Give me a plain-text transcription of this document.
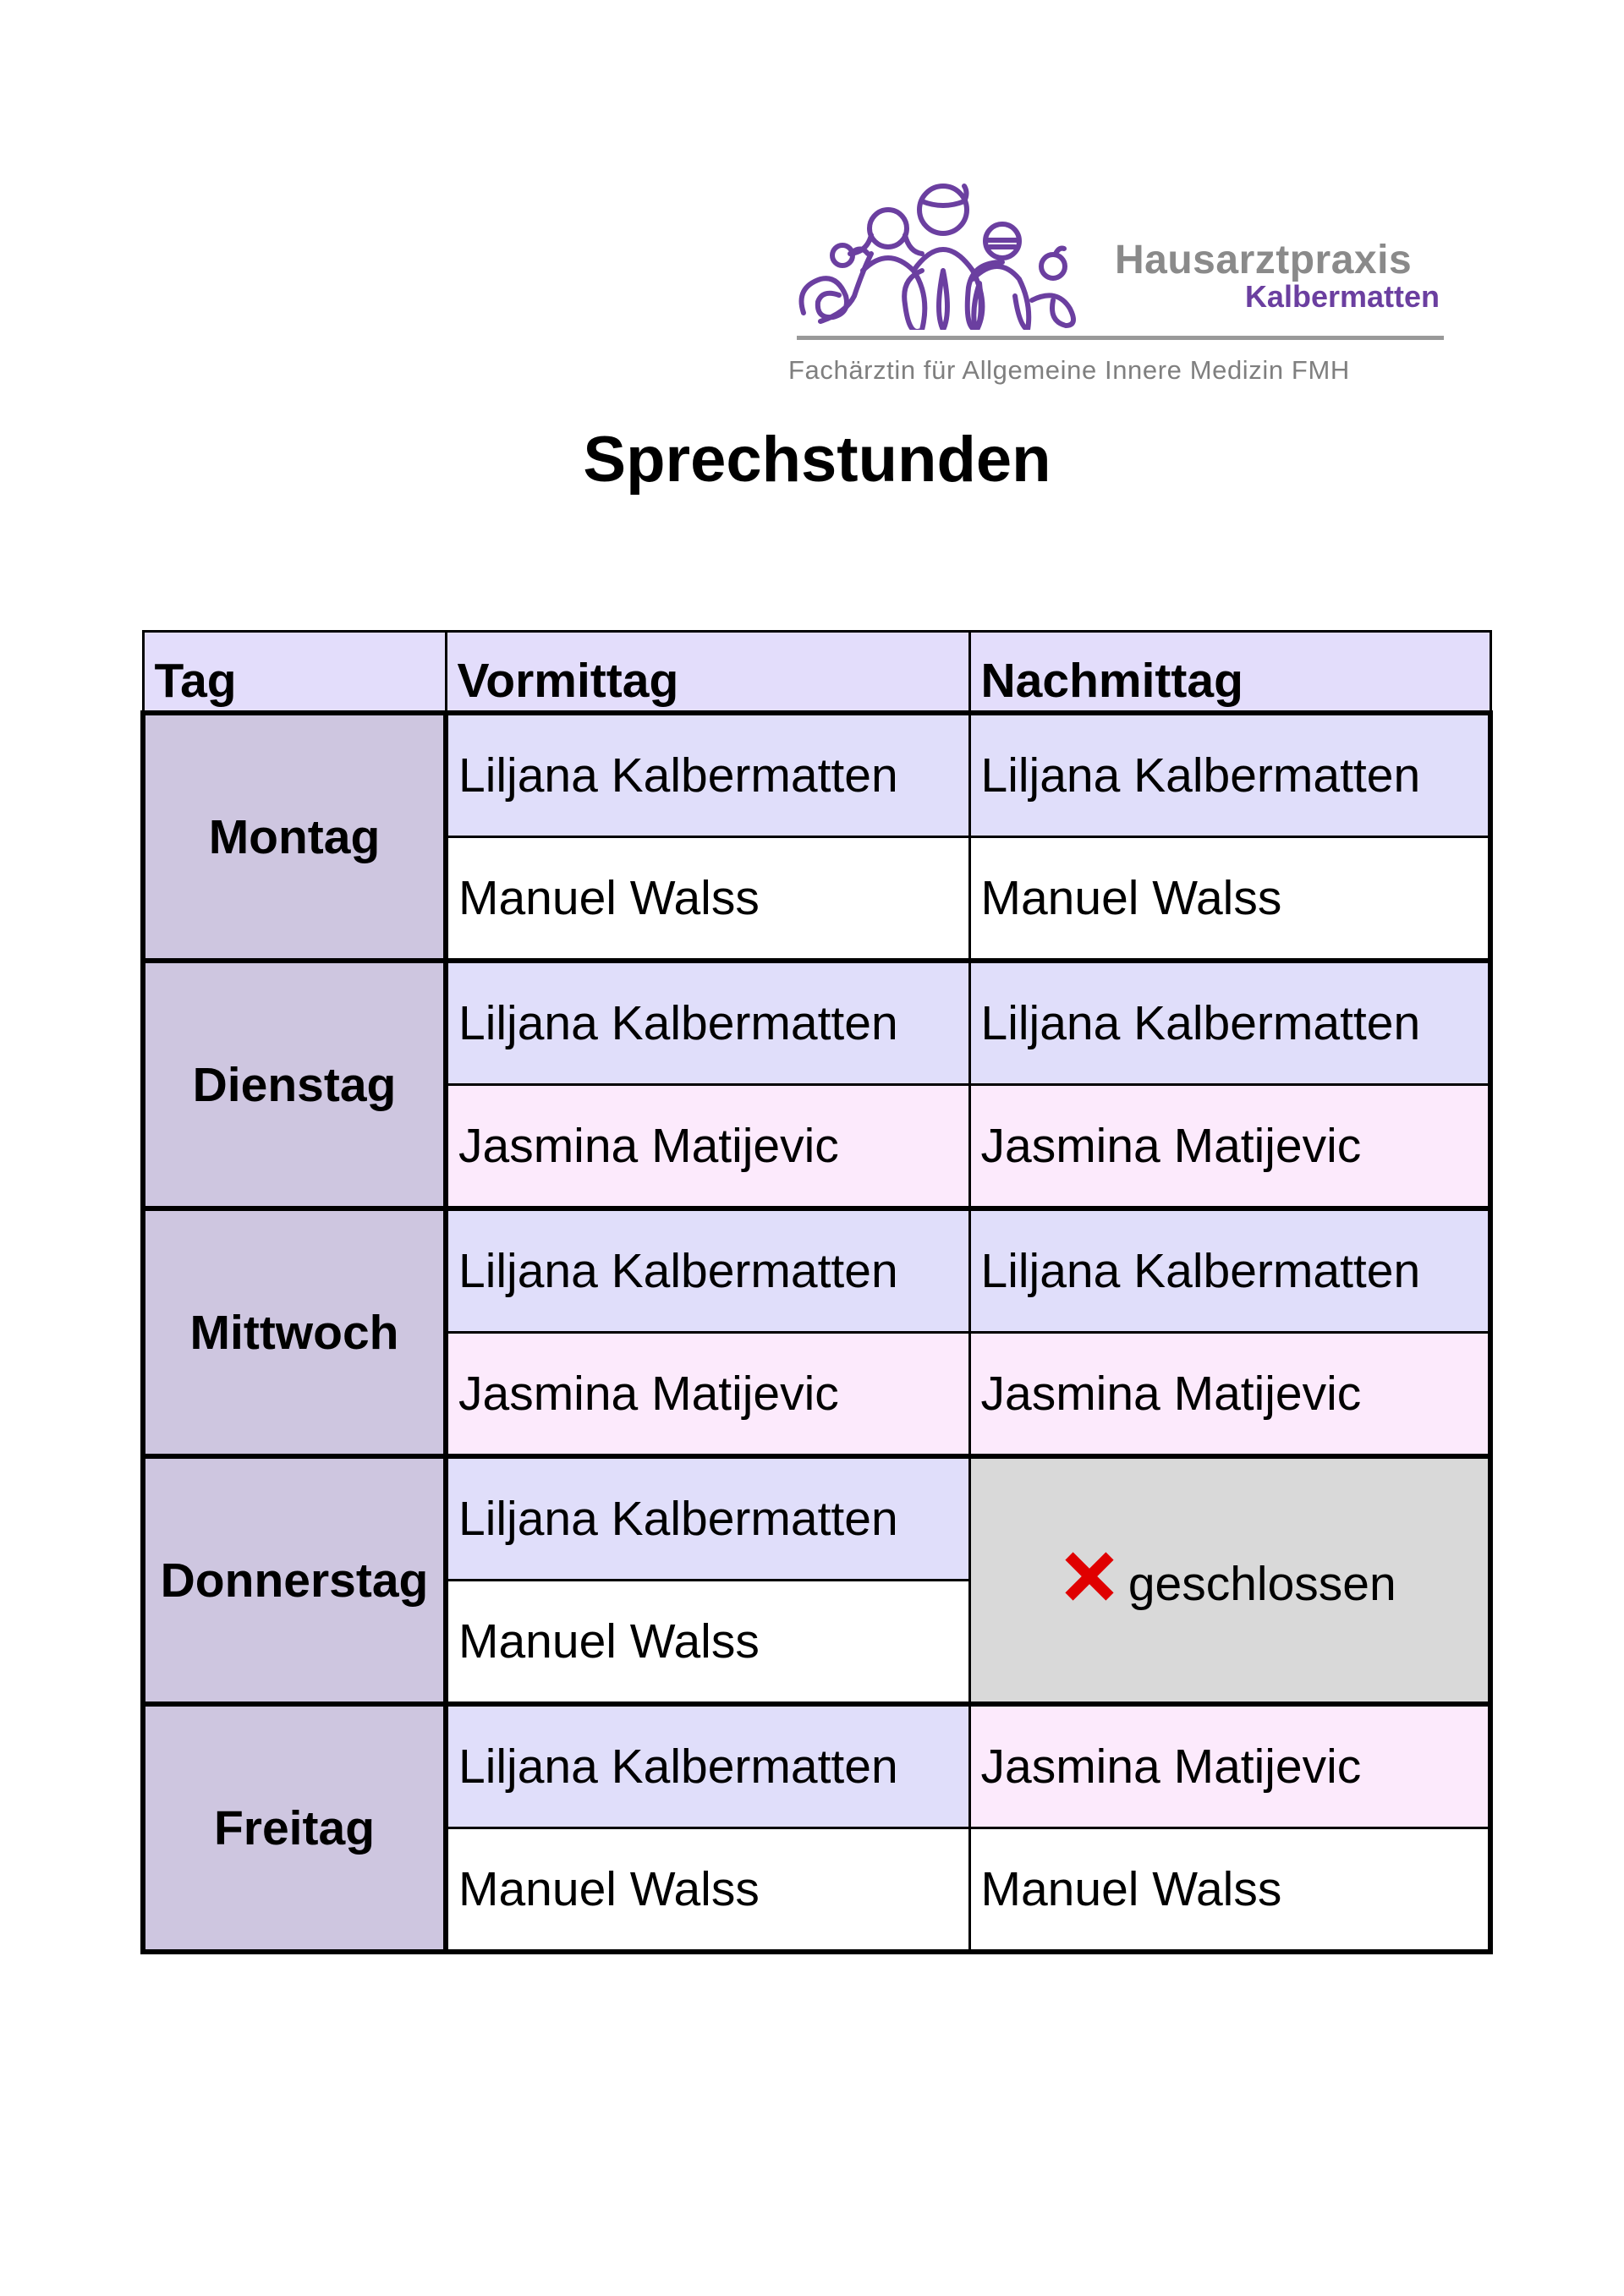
Hausarztpraxis
Kalbermatten
Fachärztin für Allgemeine Innere Medizin FMH
Sprechstunden
Tag	Vormittag	Nachmittag
Montag	Liljana Kalbermatten	Liljana Kalbermatten
	Manuel Walss	Manuel Walss
Dienstag	Liljana Kalbermatten	Liljana Kalbermatten
	Jasmina Matijevic	Jasmina Matijevic
Mittwoch	Liljana Kalbermatten	Liljana Kalbermatten
	Jasmina Matijevic	Jasmina Matijevic
Donnerstag	Liljana Kalbermatten	geschlossen
	Manuel Walss	
Freitag	Liljana Kalbermatten	Jasmina Matijevic
	Manuel Walss	Manuel Walss
